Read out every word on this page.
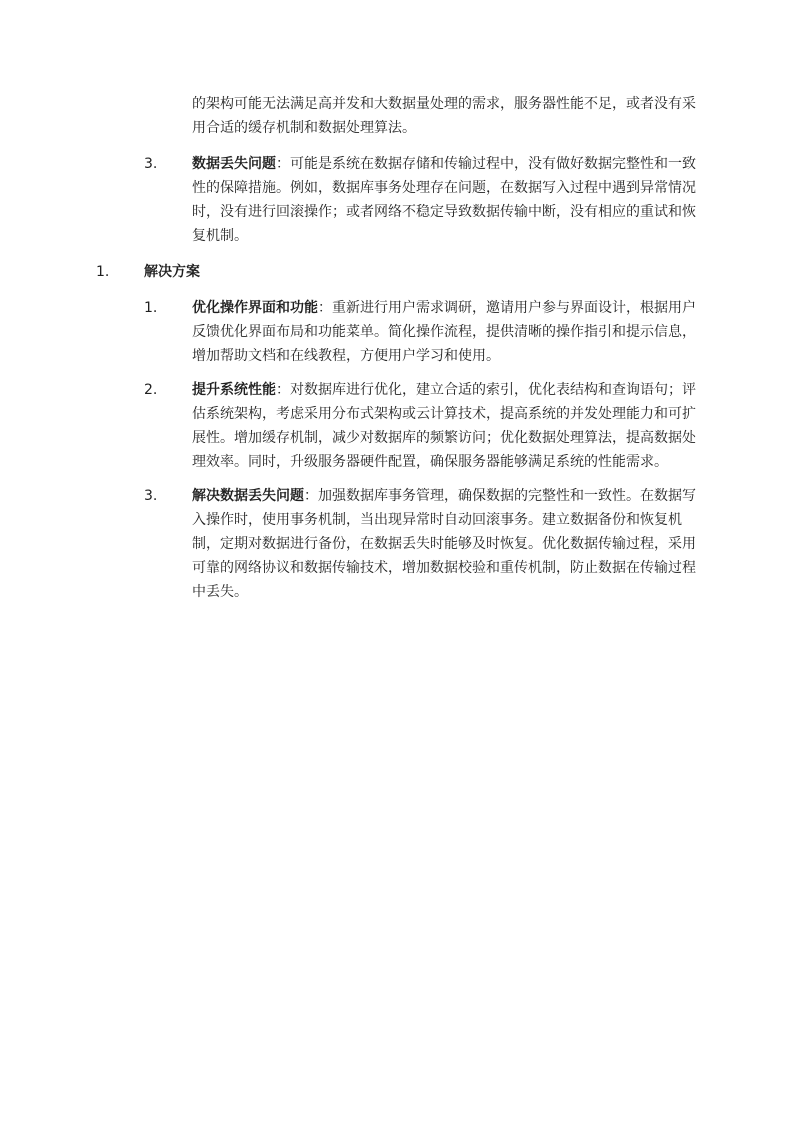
的架构可能无法满足高并发和大数据量处理的需求，服务器性能不足，或者没有采用合适的缓存机制和数据处理算法。
3.	数据丢失问题：可能是系统在数据存储和传输过程中，没有做好数据完整性和一致性的保障措施。例如，数据库事务处理存在问题，在数据写入过程中遇到异常情况时，没有进行回滚操作；或者网络不稳定导致数据传输中断，没有相应的重试和恢复机制。
1.	解决方案
1.	优化操作界面和功能：重新进行用户需求调研，邀请用户参与界面设计，根据用户反馈优化界面布局和功能菜单。简化操作流程，提供清晰的操作指引和提示信息，增加帮助文档和在线教程，方便用户学习和使用。
2.	提升系统性能：对数据库进行优化，建立合适的索引，优化表结构和查询语句；评估系统架构，考虑采用分布式架构或云计算技术，提高系统的并发处理能力和可扩展性。增加缓存机制，减少对数据库的频繁访问；优化数据处理算法，提高数据处理效率。同时，升级服务器硬件配置，确保服务器能够满足系统的性能需求。
3.	解决数据丢失问题：加强数据库事务管理，确保数据的完整性和一致性。在数据写入操作时，使用事务机制，当出现异常时自动回滚事务。建立数据备份和恢复机制，定期对数据进行备份，在数据丢失时能够及时恢复。优化数据传输过程，采用可靠的网络协议和数据传输技术，增加数据校验和重传机制，防止数据在传输过程中丢失。
